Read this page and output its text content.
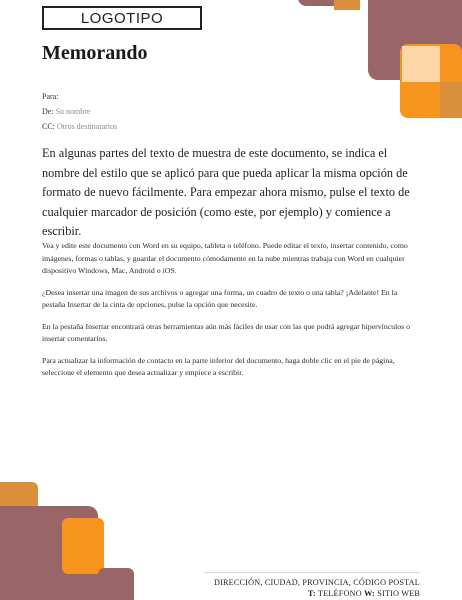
LOGOTIPO
Memorando
Para:
De: Su nombre
CC: Otros destinatarios

En algunas partes del texto de muestra de este documento, se indica el nombre del estilo que se aplicó para que pueda aplicar la misma opción de formato de nuevo fácilmente. Para empezar ahora mismo, pulse el texto de cualquier marcador de posición (como este, por ejemplo) y comience a escribir.

Vea y edite este documento con Word en su equipo, tableta o teléfono. Puede editar el texto, insertar contenido, como imágenes, formas o tablas, y guardar el documento cómodamente en la nube mientras trabaja con Word en cualquier dispositivo Windows, Mac, Android o iOS.

¿Desea insertar una imagen de sus archivos o agregar una forma, un cuadro de texto o una tabla? ¡Adelante! En la pestaña Insertar de la cinta de opciones, pulse la opción que necesite.

En la pestaña Insertar encontrará otras herramientas aún más fáciles de usar con las que podrá agregar hipervínculos o insertar comentarios.

Para actualizar la información de contacto en la parte inferior del documento, haga doble clic en el pie de página, seleccione el elemento que desea actualizar y empiece a escribir.

DIRECCIÓN, CIUDAD, PROVINCIA, CÓDIGO POSTAL
T: TELÉFONO W: SITIO WEB
